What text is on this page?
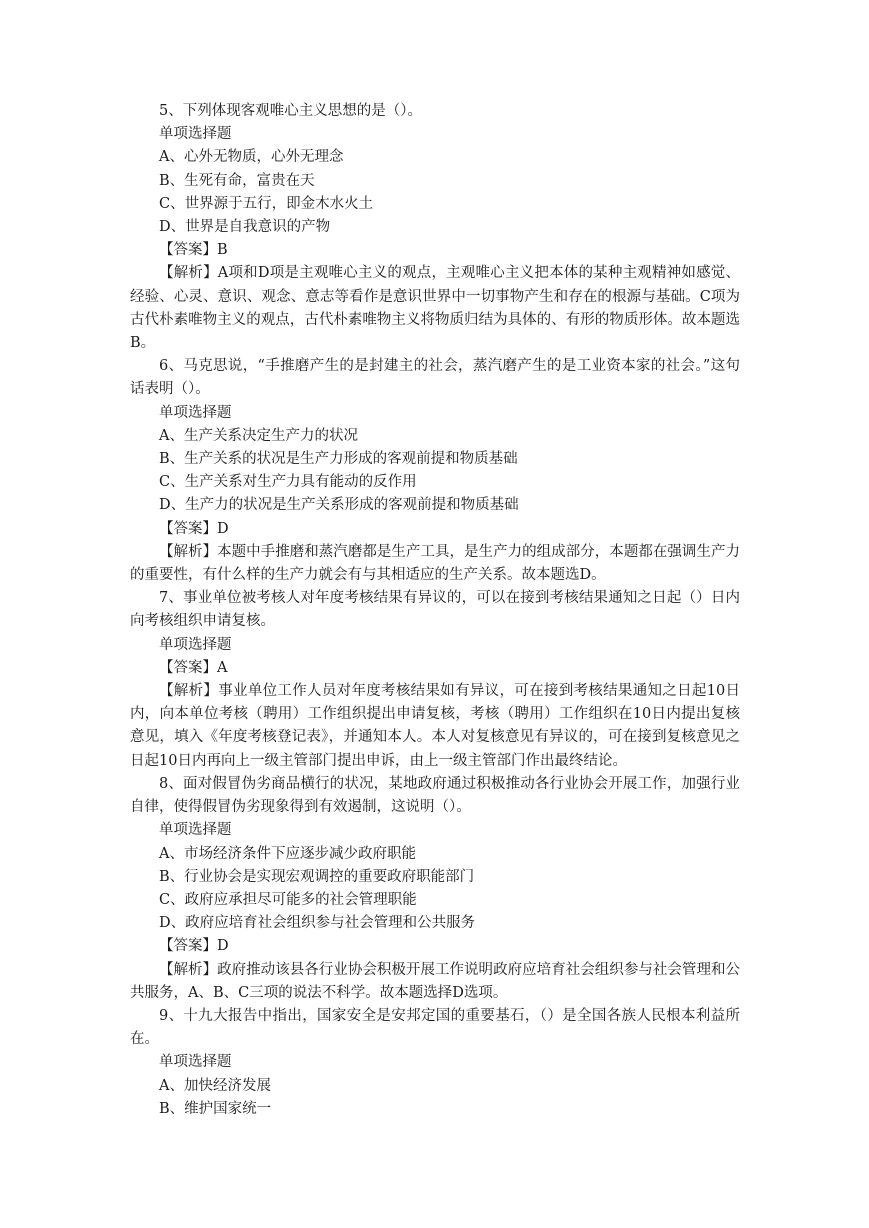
5、下列体现客观唯心主义思想的是（）。

单项选择题

A、心外无物质，心外无理念

B、生死有命，富贵在天

C、世界源于五行，即金木水火土

D、世界是自我意识的产物

【答案】B

【解析】A项和D项是主观唯心主义的观点，主观唯心主义把本体的某种主观精神如感觉、经验、心灵、意识、观念、意志等看作是意识世界中一切事物产生和存在的根源与基础。C项为古代朴素唯物主义的观点，古代朴素唯物主义将物质归结为具体的、有形的物质形体。故本题选B。

6、马克思说，“手推磨产生的是封建主的社会，蒸汽磨产生的是工业资本家的社会。”这句话表明（）。

单项选择题

A、生产关系决定生产力的状况

B、生产关系的状况是生产力形成的客观前提和物质基础

C、生产关系对生产力具有能动的反作用

D、生产力的状况是生产关系形成的客观前提和物质基础

【答案】D

【解析】本题中手推磨和蒸汽磨都是生产工具，是生产力的组成部分，本题都在强调生产力的重要性，有什么样的生产力就会有与其相适应的生产关系。故本题选D。

7、事业单位被考核人对年度考核结果有异议的，可以在接到考核结果通知之日起（）日内向考核组织申请复核。

单项选择题

【答案】A

【解析】事业单位工作人员对年度考核结果如有异议，可在接到考核结果通知之日起10日内，向本单位考核（聘用）工作组织提出申请复核，考核（聘用）工作组织在10日内提出复核意见，填入《年度考核登记表》，并通知本人。本人对复核意见有异议的，可在接到复核意见之日起10日内再向上一级主管部门提出申诉，由上一级主管部门作出最终结论。

8、面对假冒伪劣商品横行的状况，某地政府通过积极推动各行业协会开展工作，加强行业自律，使得假冒伪劣现象得到有效遏制，这说明（）。

单项选择题

A、市场经济条件下应逐步减少政府职能

B、行业协会是实现宏观调控的重要政府职能部门

C、政府应承担尽可能多的社会管理职能

D、政府应培育社会组织参与社会管理和公共服务

【答案】D

【解析】政府推动该县各行业协会积极开展工作说明政府应培育社会组织参与社会管理和公共服务，A、B、C三项的说法不科学。故本题选择D选项。

9、十九大报告中指出，国家安全是安邦定国的重要基石，（）是全国各族人民根本利益所在。

单项选择题

A、加快经济发展

B、维护国家统一
